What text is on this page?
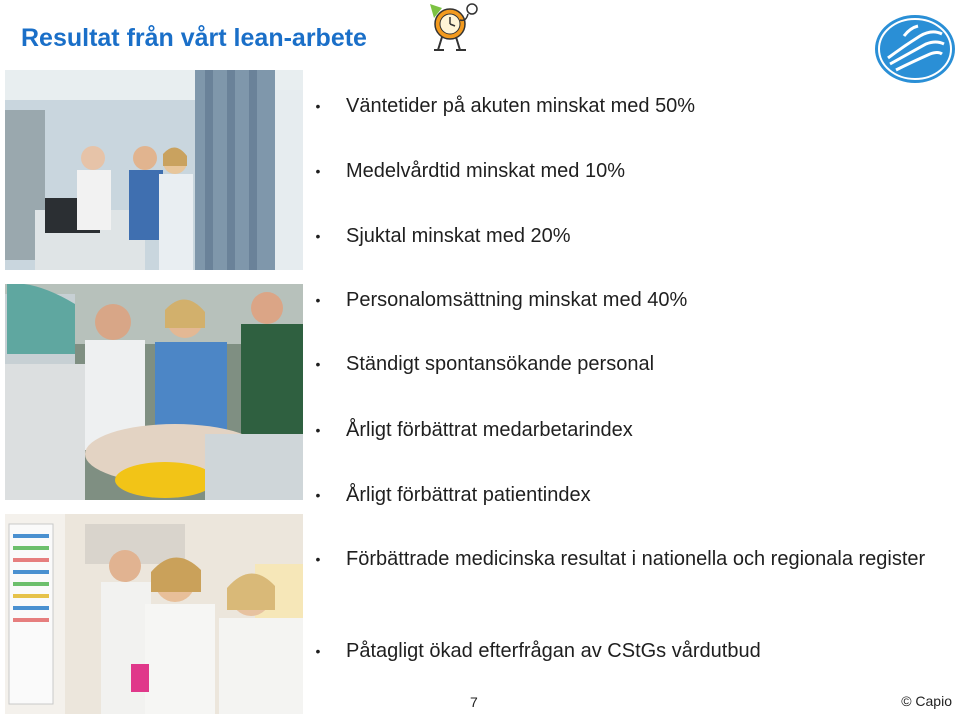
Resultat från vårt lean-arbete
•	Väntetider på akuten minskat med 50%
•	Medelvårdtid minskat med 10%
•	Sjuktal minskat med 20%
•	Personalomsättning minskat med 40%
•	Ständigt spontansökande personal
•	Årligt förbättrat medarbetarindex
•	Årligt förbättrat patientindex
•	Förbättrade medicinska resultat i nationella och regionala register
•	Påtagligt ökad efterfrågan av CStGs vårdutbud
7	© Capio
